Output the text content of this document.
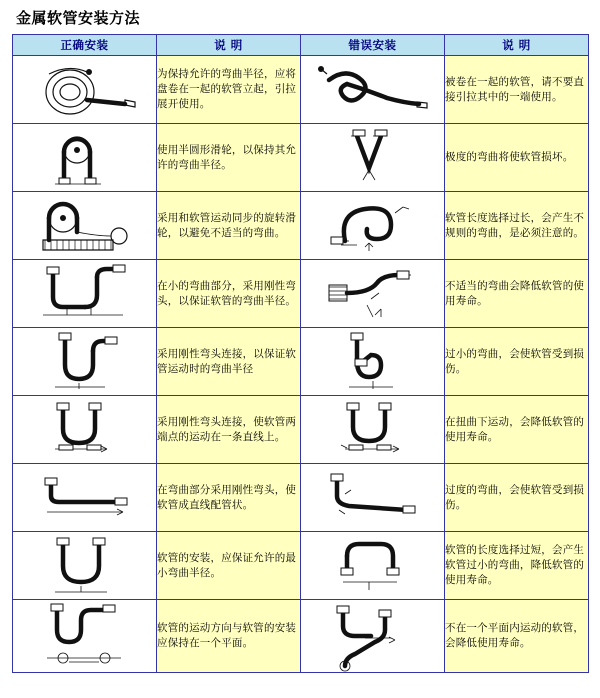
金属软管安装方法
正确安装	说 明	错误安装	说 明

	为保持允许的弯曲半径，应将盘卷在一起的软管立起，引拉展开使用。		被卷在一起的软管，请不要直接引拉其中的一端使用。

	使用半圆形滑轮，以保持其允许的弯曲半径。		极度的弯曲将使软管损坏。

	采用和软管运动同步的旋转滑轮，以避免不适当的弯曲。		软管长度选择过长，会产生不规则的弯曲，是必须注意的。

	在小的弯曲部分，采用刚性弯头，以保证软管的弯曲半径。		不适当的弯曲会降低软管的使用寿命。

	采用刚性弯头连接，以保证软管运动时的弯曲半径		过小的弯曲，会使软管受到损伤。

	采用刚性弯头连接，使软管两端点的运动在一条直线上。		在扭曲下运动，会降低软管的使用寿命。

	在弯曲部分采用刚性弯头，使软管成直线配管状。		过度的弯曲，会使软管受到损伤。

	软管的安装，应保证允许的最小弯曲半径。		软管的长度选择过短，会产生软管过小的弯曲，降低软管的使用寿命。

	软管的运动方向与软管的安装应保持在一个平面。		不在一个平面内运动的软管，会降低使用寿命。
